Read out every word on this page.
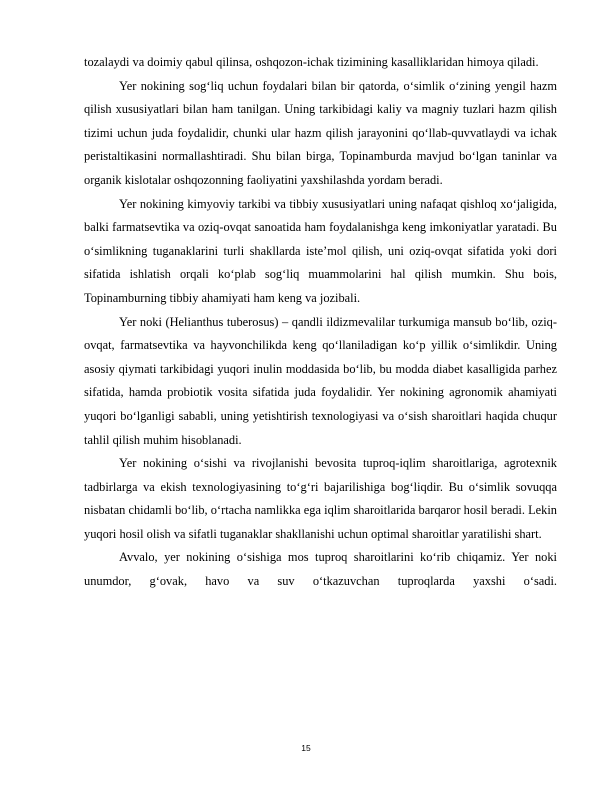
tozalaydi va doimiy qabul qilinsa, oshqozon-ichak tizimining kasalliklaridan himoya qiladi.

Yer nokining sog‘liq uchun foydalari bilan bir qatorda, o‘simlik o‘zining yengil hazm qilish xususiyatlari bilan ham tanilgan. Uning tarkibidagi kaliy va magniy tuzlari hazm qilish tizimi uchun juda foydalidir, chunki ular hazm qilish jarayonini qo‘llab-quvvatlaydi va ichak peristaltikasini normallashtiradi. Shu bilan birga, Topinamburda mavjud bo‘lgan taninlar va organik kislotalar oshqozonning faoliyatini yaxshilashda yordam beradi.

Yer nokining kimyoviy tarkibi va tibbiy xususiyatlari uning nafaqat qishloq xo‘jaligida, balki farmatsevtika va oziq-ovqat sanoatida ham foydalanishga keng imkoniyatlar yaratadi. Bu o‘simlikning tuganaklarini turli shakllarda iste’mol qilish, uni oziq-ovqat sifatida yoki dori sifatida ishlatish orqali ko‘plab sog‘liq muammolarini hal qilish mumkin. Shu bois, Topinamburning tibbiy ahamiyati ham keng va jozibali.

Yer noki (Helianthus tuberosus) – qandli ildizmevalilar turkumiga mansub bo‘lib, oziq-ovqat, farmatsevtika va hayvonchilikda keng qo‘llaniladigan ko‘p yillik o‘simlikdir. Uning asosiy qiymati tarkibidagi yuqori inulin moddasida bo‘lib, bu modda diabet kasalligida parhez sifatida, hamda probiotik vosita sifatida juda foydalidir. Yer nokining agronomik ahamiyati yuqori bo‘lganligi sababli, uning yetishtirish texnologiyasi va o‘sish sharoitlari haqida chuqur tahlil qilish muhim hisoblanadi.

Yer nokining o‘sishi va rivojlanishi bevosita tuproq-iqlim sharoitlariga, agrotexnik tadbirlarga va ekish texnologiyasining to‘g‘ri bajarilishiga bog‘liqdir. Bu o‘simlik sovuqqa nisbatan chidamli bo‘lib, o‘rtacha namlikka ega iqlim sharoitlarida barqaror hosil beradi. Lekin yuqori hosil olish va sifatli tuganaklar shakllanishi uchun optimal sharoitlar yaratilishi shart.

Avvalo, yer nokining o‘sishiga mos tuproq sharoitlarini ko‘rib chiqamiz. Yer noki unumdor, g‘ovak, havo va suv o‘tkazuvchan tuproqlarda yaxshi o‘sadi.

15
